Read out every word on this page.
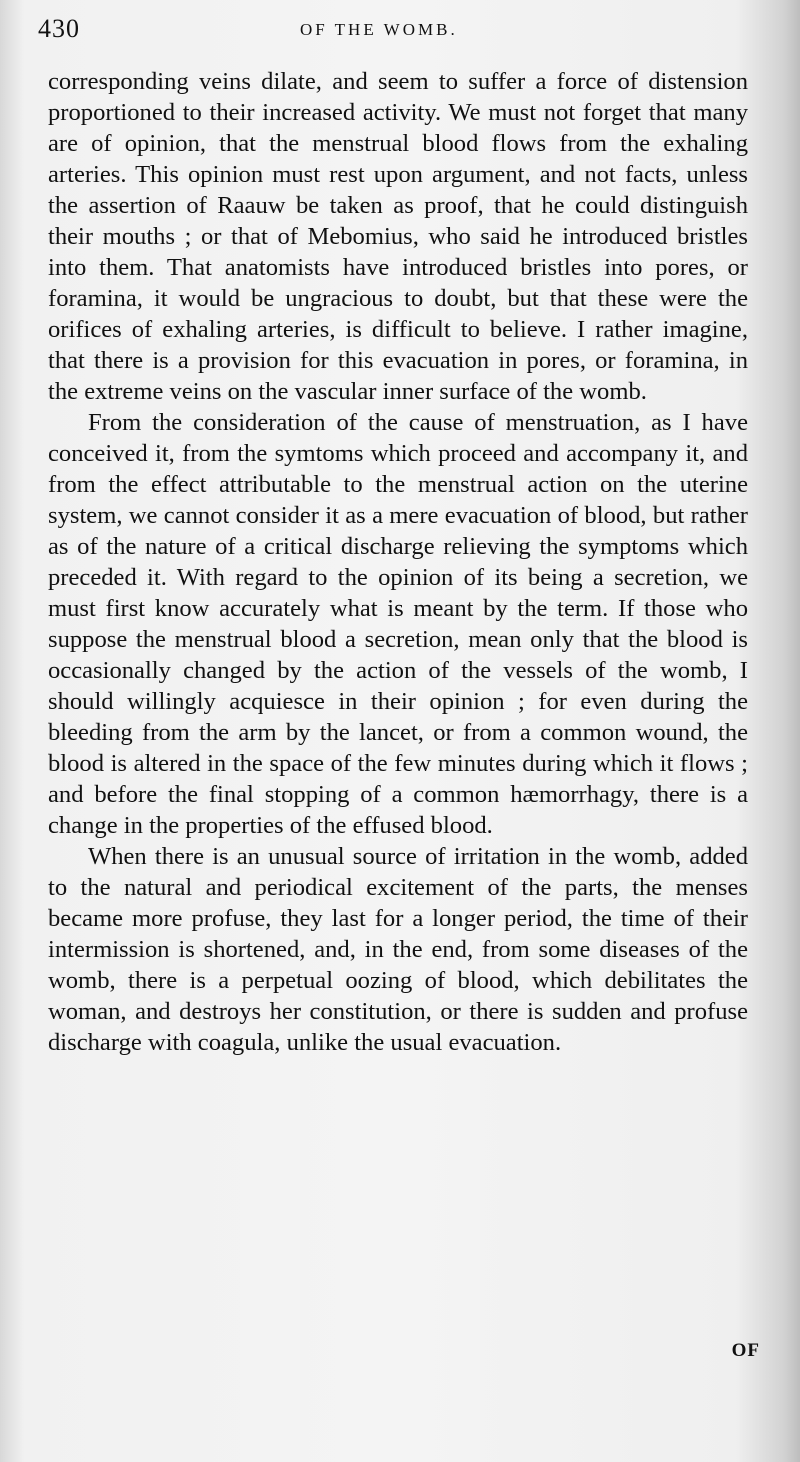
430	OF THE WOMB.

corresponding veins dilate, and seem to suffer a force of distension proportioned to their increased activity. We must not forget that many are of opinion, that the menstrual blood flows from the exhaling arteries. This opinion must rest upon argument, and not facts, unless the assertion of Raauw be taken as proof, that he could distinguish their mouths ; or that of Mebomius, who said he introduced bristles into them. That anatomists have introduced bristles into pores, or foramina, it would be ungracious to doubt, but that these were the orifices of exhaling arteries, is difficult to believe. I rather imagine, that there is a provision for this evacuation in pores, or foramina, in the extreme veins on the vascular inner surface of the womb.

From the consideration of the cause of menstruation, as I have conceived it, from the symtoms which proceed and accompany it, and from the effect attributable to the menstrual action on the uterine system, we cannot consider it as a mere evacuation of blood, but rather as of the nature of a critical discharge relieving the symptoms which preceded it. With regard to the opinion of its being a secretion, we must first know accurately what is meant by the term. If those who suppose the menstrual blood a secretion, mean only that the blood is occasionally changed by the action of the vessels of the womb, I should willingly acquiesce in their opinion ; for even during the bleeding from the arm by the lancet, or from a common wound, the blood is altered in the space of the few minutes during which it flows ; and before the final stopping of a common hæmorrhagy, there is a change in the properties of the effused blood.

When there is an unusual source of irritation in the womb, added to the natural and periodical excitement of the parts, the menses became more profuse, they last for a longer period, the time of their intermission is shortened, and, in the end, from some diseases of the womb, there is a perpetual oozing of blood, which debilitates the woman, and destroys her constitution, or there is sudden and profuse discharge with coagula, unlike the usual evacuation.

OF
